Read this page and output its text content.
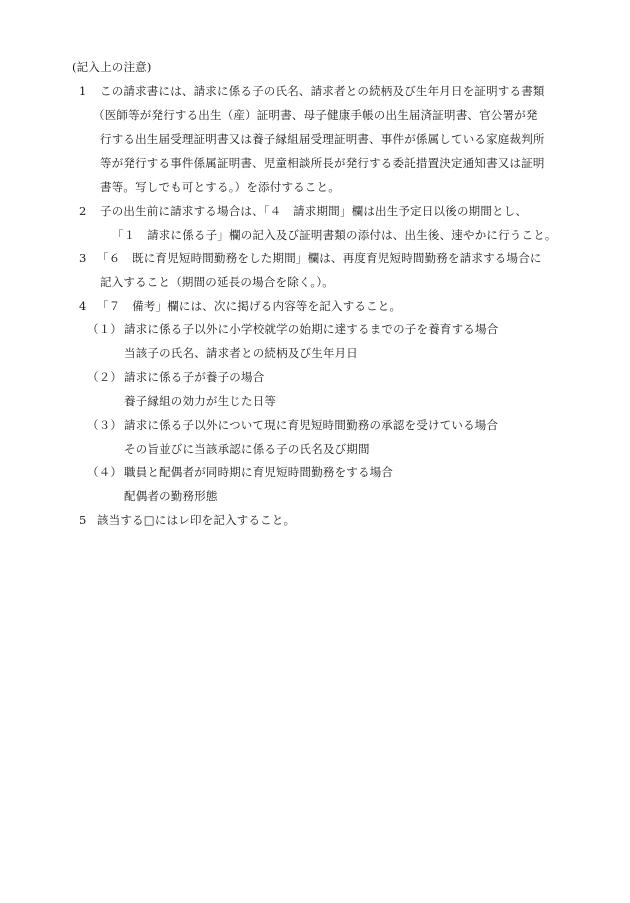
(記入上の注意)
1 この請求書には、請求に係る子の氏名、請求者との続柄及び生年月日を証明する書類
（医師等が発行する出生（産）証明書、母子健康手帳の出生届済証明書、官公署が発
行する出生届受理証明書又は養子縁組届受理証明書、事件が係属している家庭裁判所
等が発行する事件係属証明書、児童相談所長が発行する委託措置決定通知書又は証明
書等。写しでも可とする。）を添付すること。
2 子の出生前に請求する場合は、「４　請求期間」欄は出生予定日以後の期間とし、
「１　請求に係る子」欄の記入及び証明書類の添付は、出生後、速やかに行うこと。
3 「６　既に育児短時間勤務をした期間」欄は、再度育児短時間勤務を請求する場合に
記入すること（期間の延長の場合を除く。）。
4 「７　備考」欄には、次に掲げる内容等を記入すること。
（１） 請求に係る子以外に小学校就学の始期に達するまでの子を養育する場合
当該子の氏名、請求者との続柄及び生年月日
（２） 請求に係る子が養子の場合
養子縁組の効力が生じた日等
（３） 請求に係る子以外について現に育児短時間勤務の承認を受けている場合
その旨並びに当該承認に係る子の氏名及び期間
（４） 職員と配偶者が同時期に育児短時間勤務をする場合
配偶者の勤務形態
5 該当する□にはレ印を記入すること。
